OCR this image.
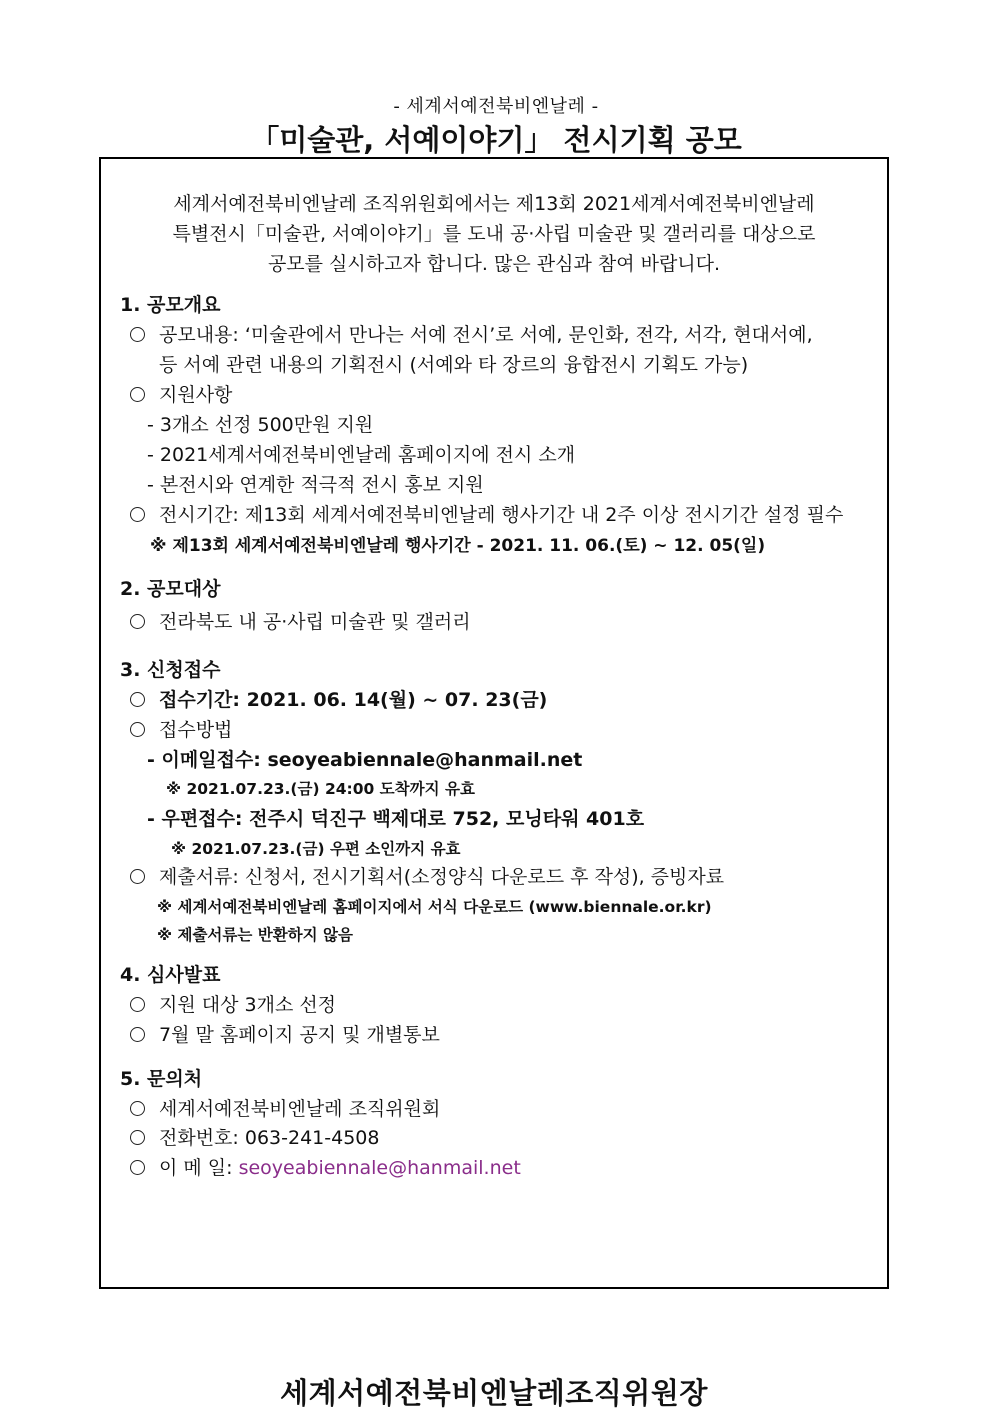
- 세계서예전북비엔날레 -
「미술관, 서예이야기」 전시기획 공모
세계서예전북비엔날레 조직위원회에서는 제13회 2021세계서예전북비엔날레
특별전시「미술관, 서예이야기」를 도내 공·사립 미술관 및 갤러리를 대상으로
공모를 실시하고자 합니다. 많은 관심과 참여 바랍니다.
1. 공모개요
공모내용: ‘미술관에서 만나는 서예 전시’로 서예, 문인화, 전각, 서각, 현대서예,
등 서예 관련 내용의 기획전시 (서예와 타 장르의 융합전시 기획도 가능)
지원사항
- 3개소 선정 500만원 지원
- 2021세계서예전북비엔날레 홈페이지에 전시 소개
- 본전시와 연계한 적극적 전시 홍보 지원
전시기간: 제13회 세계서예전북비엔날레 행사기간 내 2주 이상 전시기간 설정 필수
※ 제13회 세계서예전북비엔날레 행사기간 - 2021. 11. 06.(토) ~ 12. 05(일)
2. 공모대상
전라북도 내 공·사립 미술관 및 갤러리
3. 신청접수
접수기간: 2021. 06. 14(월) ~ 07. 23(금)
접수방법
- 이메일접수: seoyeabiennale@hanmail.net
※ 2021.07.23.(금) 24:00 도착까지 유효
- 우편접수: 전주시 덕진구 백제대로 752, 모닝타워 401호
※ 2021.07.23.(금) 우편 소인까지 유효
제출서류: 신청서, 전시기획서(소정양식 다운로드 후 작성), 증빙자료
※ 세계서예전북비엔날레 홈페이지에서 서식 다운로드 (www.biennale.or.kr)
※ 제출서류는 반환하지 않음
4. 심사발표
지원 대상 3개소 선정
7월 말 홈페이지 공지 및 개별통보
5. 문의처
세계서예전북비엔날레 조직위원회
전화번호: 063-241-4508
이 메 일: seoyeabiennale@hanmail.net
세계서예전북비엔날레조직위원장
